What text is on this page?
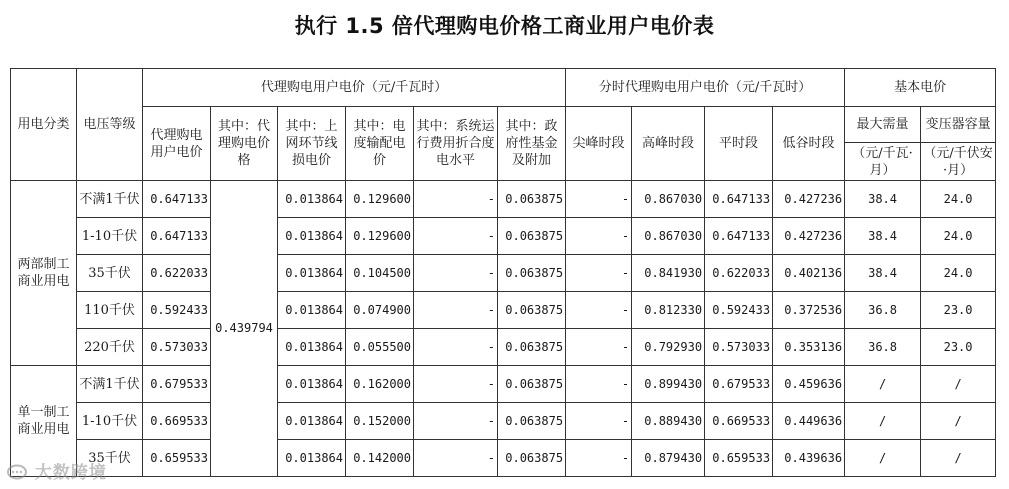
执行 1.5 倍代理购电价格工商业用户电价表
用电分类	电压等级	代理购电用户电价（元/千瓦时）						分时代理购电用户电价（元/千瓦时）				基本电价	
		代理购电用户电价	其中：代理购电价格	其中：上网环节线损电价	其中：电度输配电价	其中：系统运行费用折合度电水平	其中：政府性基金及附加	尖峰时段	高峰时段	平时段	低谷时段	最大需量	变压器容量
												（元/千瓦·月）	（元/千伏安·月）
两部制工商业用电	不满1千伏	0.647133	0.439794	0.013864	0.129600	-	0.063875	-	0.867030	0.647133	0.427236	38.4	24.0
	1-10千伏	0.647133		0.013864	0.129600	-	0.063875	-	0.867030	0.647133	0.427236	38.4	24.0
	35千伏	0.622033		0.013864	0.104500	-	0.063875	-	0.841930	0.622033	0.402136	38.4	24.0
	110千伏	0.592433		0.013864	0.074900	-	0.063875	-	0.812330	0.592433	0.372536	36.8	23.0
	220千伏	0.573033		0.013864	0.055500	-	0.063875	-	0.792930	0.573033	0.353136	36.8	23.0
单一制工商业用电	不满1千伏	0.679533		0.013864	0.162000	-	0.063875	-	0.899430	0.679533	0.459636	/	/
	1-10千伏	0.669533		0.013864	0.152000	-	0.063875	-	0.889430	0.669533	0.449636	/	/
	35千伏	0.659533		0.013864	0.142000	-	0.063875	-	0.879430	0.659533	0.439636	/	/
大数跨境
